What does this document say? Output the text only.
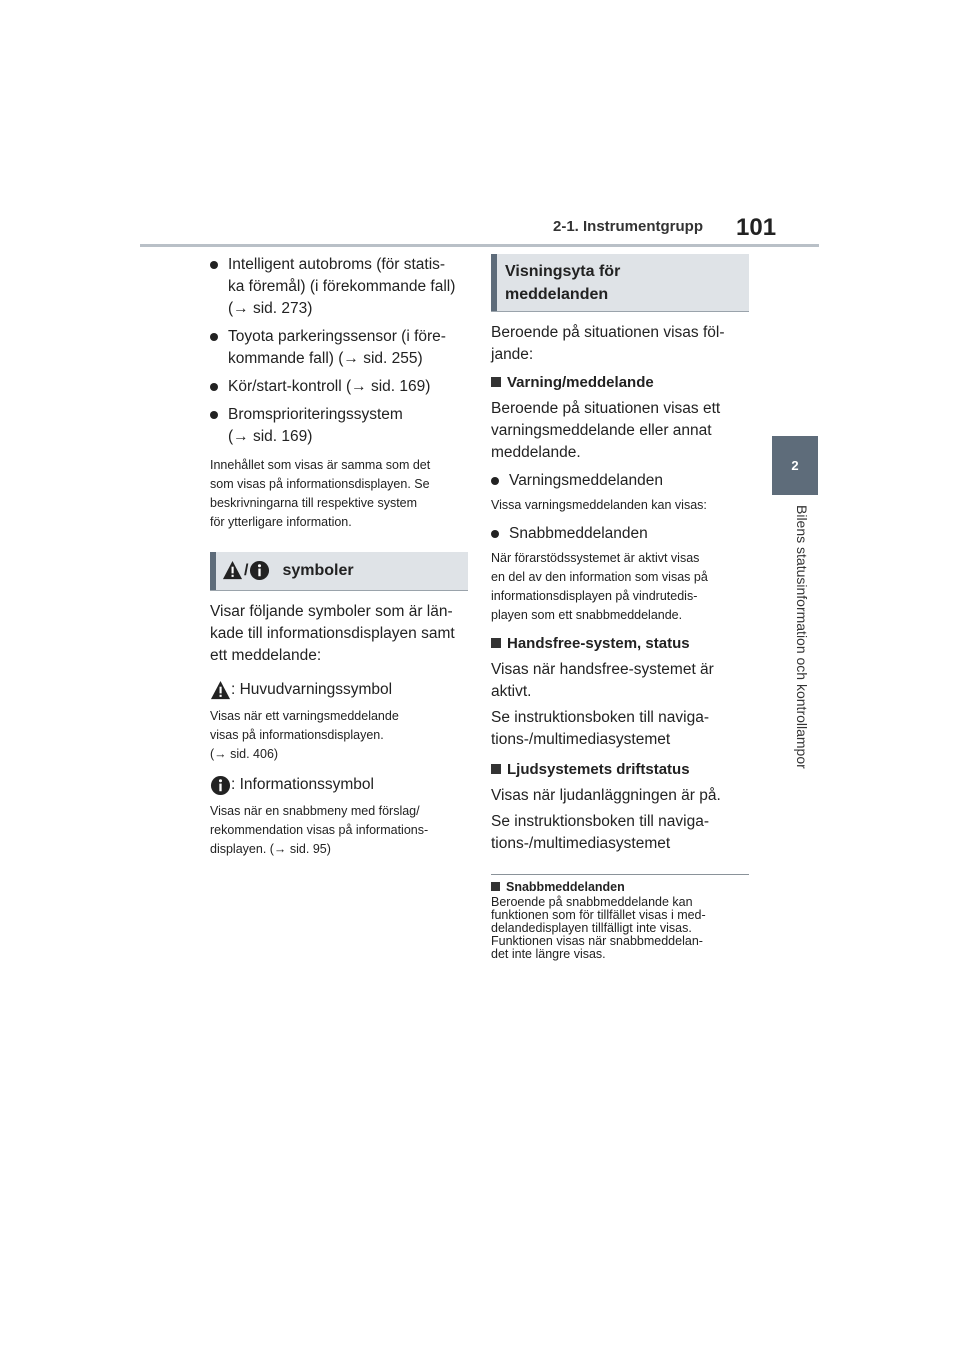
2-1. Instrumentgrupp 101
2
Bilens statusinformation och kontrollampor
Intelligent autobroms (för statis-
ka föremål) (i förekommande fall)
(→ sid. 273)
Toyota parkeringssensor (i före-
kommande fall) (→ sid. 255)
Kör/start-kontroll (→ sid. 169)
Bromsprioriteringssystem
(→ sid. 169)
Innehållet som visas är samma som det
som visas på informationsdisplayen. Se
beskrivningarna till respektive system
för ytterligare information.
/ symboler
Visar följande symboler som är län-
kade till informationsdisplayen samt
ett meddelande:
: Huvudvarningssymbol
Visas när ett varningsmeddelande
visas på informationsdisplayen.
(→ sid. 406)
: Informationssymbol
Visas när en snabbmeny med förslag/
rekommendation visas på informations-
displayen. (→ sid. 95)
Visningsyta för
meddelanden
Beroende på situationen visas föl-
jande:
Varning/meddelande
Beroende på situationen visas ett
varningsmeddelande eller annat
meddelande.
Varningsmeddelanden
Vissa varningsmeddelanden kan visas:
Snabbmeddelanden
När förarstödssystemet är aktivt visas
en del av den information som visas på
informationsdisplayen på vindrutedis-
playen som ett snabbmeddelande.
Handsfree-system, status
Visas när handsfree-systemet är
aktivt.
Se instruktionsboken till naviga-
tions-/multimediasystemet
Ljudsystemets driftstatus
Visas när ljudanläggningen är på.
Se instruktionsboken till naviga-
tions-/multimediasystemet
Snabbmeddelanden
Beroende på snabbmeddelande kan
funktionen som för tillfället visas i med-
delandedisplayen tillfälligt inte visas.
Funktionen visas när snabbmeddelan-
det inte längre visas.
